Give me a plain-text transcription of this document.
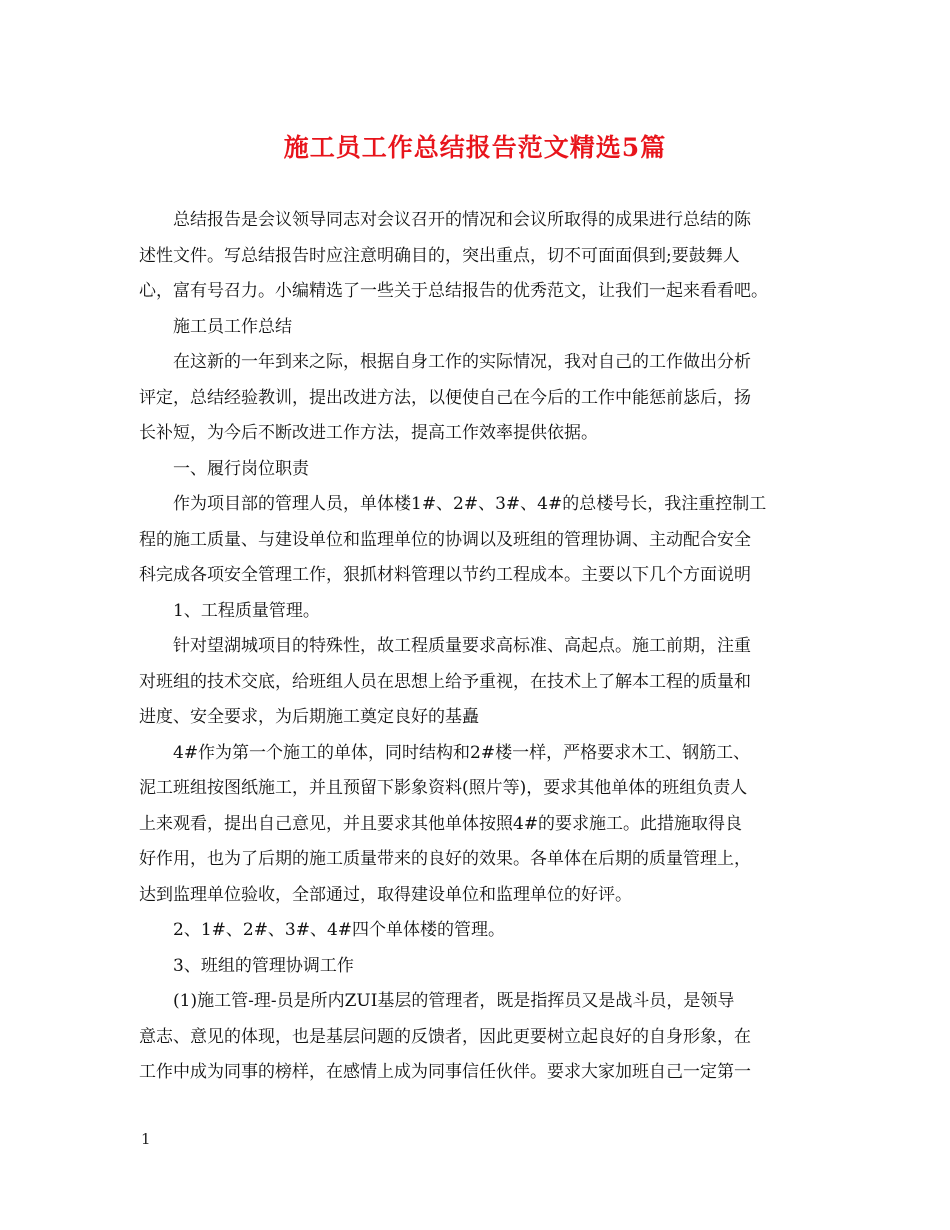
施工员工作总结报告范文精选5篇
总结报告是会议领导同志对会议召开的情况和会议所取得的成果进行总结的陈
述性文件。写总结报告时应注意明确目的，突出重点，切不可面面俱到;要鼓舞人
心，富有号召力。小编精选了一些关于总结报告的优秀范文，让我们一起来看看吧。
施工员工作总结
在这新的一年到来之际，根据自身工作的实际情况，我对自己的工作做出分析
评定，总结经验教训，提出改进方法，以便使自己在今后的工作中能惩前毖后，扬
长补短，为今后不断改进工作方法，提高工作效率提供依据。
一、履行岗位职责
作为项目部的管理人员，单体楼1#、2#、3#、4#的总楼号长，我注重控制工
程的施工质量、与建设单位和监理单位的协调以及班组的管理协调、主动配合安全
科完成各项安全管理工作，狠抓材料管理以节约工程成本。主要以下几个方面说明
1、工程质量管理。
针对望湖城项目的特殊性，故工程质量要求高标准、高起点。施工前期，注重
对班组的技术交底，给班组人员在思想上给予重视，在技术上了解本工程的质量和
进度、安全要求，为后期施工奠定良好的基矗
4#作为第一个施工的单体，同时结构和2#楼一样，严格要求木工、钢筋工、
泥工班组按图纸施工，并且预留下影象资料(照片等)，要求其他单体的班组负责人
上来观看，提出自己意见，并且要求其他单体按照4#的要求施工。此措施取得良
好作用，也为了后期的施工质量带来的良好的效果。各单体在后期的质量管理上，
达到监理单位验收，全部通过，取得建设单位和监理单位的好评。
2、1#、2#、3#、4#四个单体楼的管理。
3、班组的管理协调工作
(1)施工管-理-员是所内ZUI基层的管理者，既是指挥员又是战斗员，是领导
意志、意见的体现，也是基层问题的反馈者，因此更要树立起良好的自身形象，在
工作中成为同事的榜样，在感情上成为同事信任伙伴。要求大家加班自己一定第一
1
